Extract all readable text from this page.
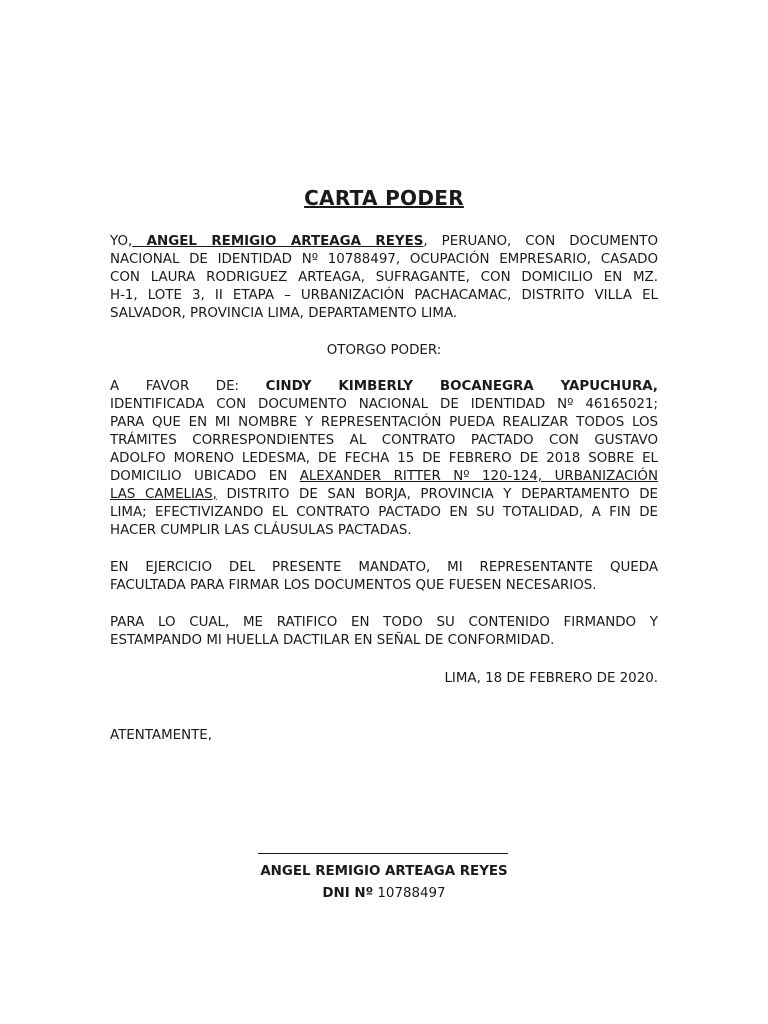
CARTA PODER

YO, ANGEL REMIGIO ARTEAGA REYES, PERUANO, CON DOCUMENTO
NACIONAL DE IDENTIDAD Nº 10788497, OCUPACIÓN EMPRESARIO, CASADO
CON LAURA RODRIGUEZ ARTEAGA, SUFRAGANTE, CON DOMICILIO EN MZ.
H-1, LOTE 3, II ETAPA – URBANIZACIÓN PACHACAMAC, DISTRITO VILLA EL
SALVADOR, PROVINCIA LIMA, DEPARTAMENTO LIMA.

OTORGO PODER:

A FAVOR DE: CINDY KIMBERLY BOCANEGRA YAPUCHURA,
IDENTIFICADA CON DOCUMENTO NACIONAL DE IDENTIDAD Nº 46165021;
PARA QUE EN MI NOMBRE Y REPRESENTACIÓN PUEDA REALIZAR TODOS LOS
TRÁMITES CORRESPONDIENTES AL CONTRATO PACTADO CON GUSTAVO
ADOLFO MORENO LEDESMA, DE FECHA 15 DE FEBRERO DE 2018 SOBRE EL
DOMICILIO UBICADO EN ALEXANDER RITTER Nº 120-124, URBANIZACIÓN
LAS CAMELIAS, DISTRITO DE SAN BORJA, PROVINCIA Y DEPARTAMENTO DE
LIMA; EFECTIVIZANDO EL CONTRATO PACTADO EN SU TOTALIDAD, A FIN DE
HACER CUMPLIR LAS CLÁUSULAS PACTADAS.

EN EJERCICIO DEL PRESENTE MANDATO, MI REPRESENTANTE QUEDA
FACULTADA PARA FIRMAR LOS DOCUMENTOS QUE FUESEN NECESARIOS.

PARA LO CUAL, ME RATIFICO EN TODO SU CONTENIDO FIRMANDO Y
ESTAMPANDO MI HUELLA DACTILAR EN SEÑAL DE CONFORMIDAD.

LIMA, 18 DE FEBRERO DE 2020.
ATENTAMENTE,
ANGEL REMIGIO ARTEAGA REYES
DNI Nº 10788497
